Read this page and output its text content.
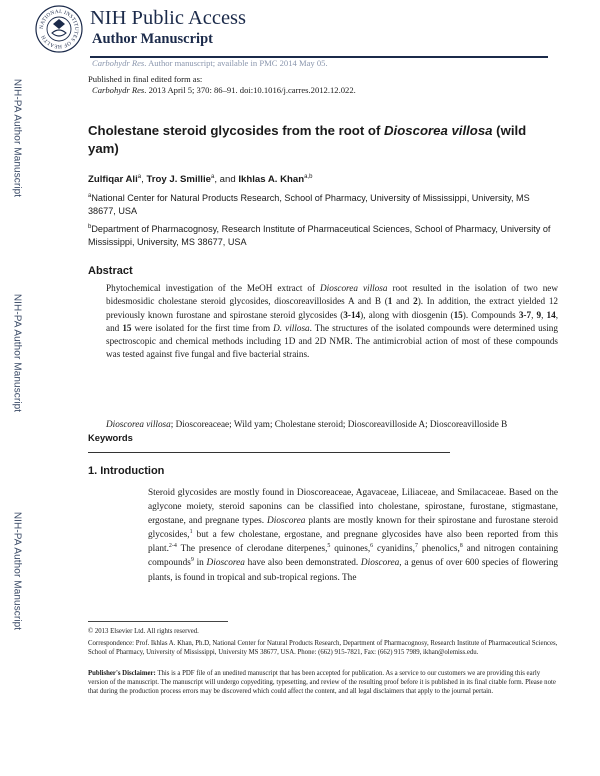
NATIONAL INSTITUTES OF HEALTH
NIH Public Access
Author Manuscript
Carbohydr Res. Author manuscript; available in PMC 2014 May 05.
Published in final edited form as:
Carbohydr Res. 2013 April 5; 370: 86–91. doi:10.1016/j.carres.2012.12.022.
NIH-PA Author Manuscript
NIH-PA Author Manuscript
NIH-PA Author Manuscript
Cholestane steroid glycosides from the root of Dioscorea villosa (wild yam)
Zulfiqar Ali$^a$, Troy J. Smillie$^a$, and Ikhlas A. Khan$^{a,b}$
$^a$National Center for Natural Products Research, School of Pharmacy, University of Mississippi, University, MS 38677, USA
$^b$Department of Pharmacognosy, Research Institute of Pharmaceutical Sciences, School of Pharmacy, University of Mississippi, University, MS 38677, USA
Abstract
Phytochemical investigation of the MeOH extract of Dioscorea villosa root resulted in the isolation of two new bidesmosidic cholestane steroid glycosides, dioscoreavillosides A and B (1 and 2). In addition, the extract yielded 12 previously known furostane and spirostane steroid glycosides (3-14), along with diosgenin (15). Compounds 3-7, 9, 14, and 15 were isolated for the first time from D. villosa. The structures of the isolated compounds were determined using spectroscopic and chemical methods including 1D and 2D NMR. The antimicrobial action of most of these compounds was tested against five fungal and five bacterial strains.
Keywords
Dioscorea villosa; Dioscoreaceae; Wild yam; Cholestane steroid; Dioscoreavilloside A; Dioscoreavilloside B
1. Introduction
Steroid glycosides are mostly found in Dioscoreaceae, Agavaceae, Liliaceae, and Smilacaceae. Based on the aglycone moiety, steroid saponins can be classified into cholestane, spirostane, furostane, stigmastane, ergostane, and pregnane types. Dioscorea plants are mostly known for their spirostane and furostane steroid glycosides,$^1$ but a few cholestane, ergostane, and pregnane glycosides have also been reported from this plant.$^{2-4}$ The presence of clerodane diterpenes,$^5$ quinones,$^6$ cyanidins,$^7$ phenolics,$^8$ and nitrogen containing compounds$^9$ in Dioscorea have also been demonstrated. Dioscorea, a genus of over 600 species of flowering plants, is found in tropical and sub-tropical regions. The
© 2013 Elsevier Ltd. All rights reserved.
Correspondence: Prof. Ikhlas A. Khan, Ph.D, National Center for Natural Products Research, Department of Pharmacognosy, Research Institute of Pharmaceutical Sciences, School of Pharmacy, University of Mississippi, University MS 38677, USA. Phone: (662) 915-7821, Fax: (662) 915 7989, ikhan@olemiss.edu.
Publisher's Disclaimer: This is a PDF file of an unedited manuscript that has been accepted for publication. As a service to our customers we are providing this early version of the manuscript. The manuscript will undergo copyediting, typesetting, and review of the resulting proof before it is published in its final citable form. Please note that during the production process errors may be discovered which could affect the content, and all legal disclaimers that apply to the journal pertain.
